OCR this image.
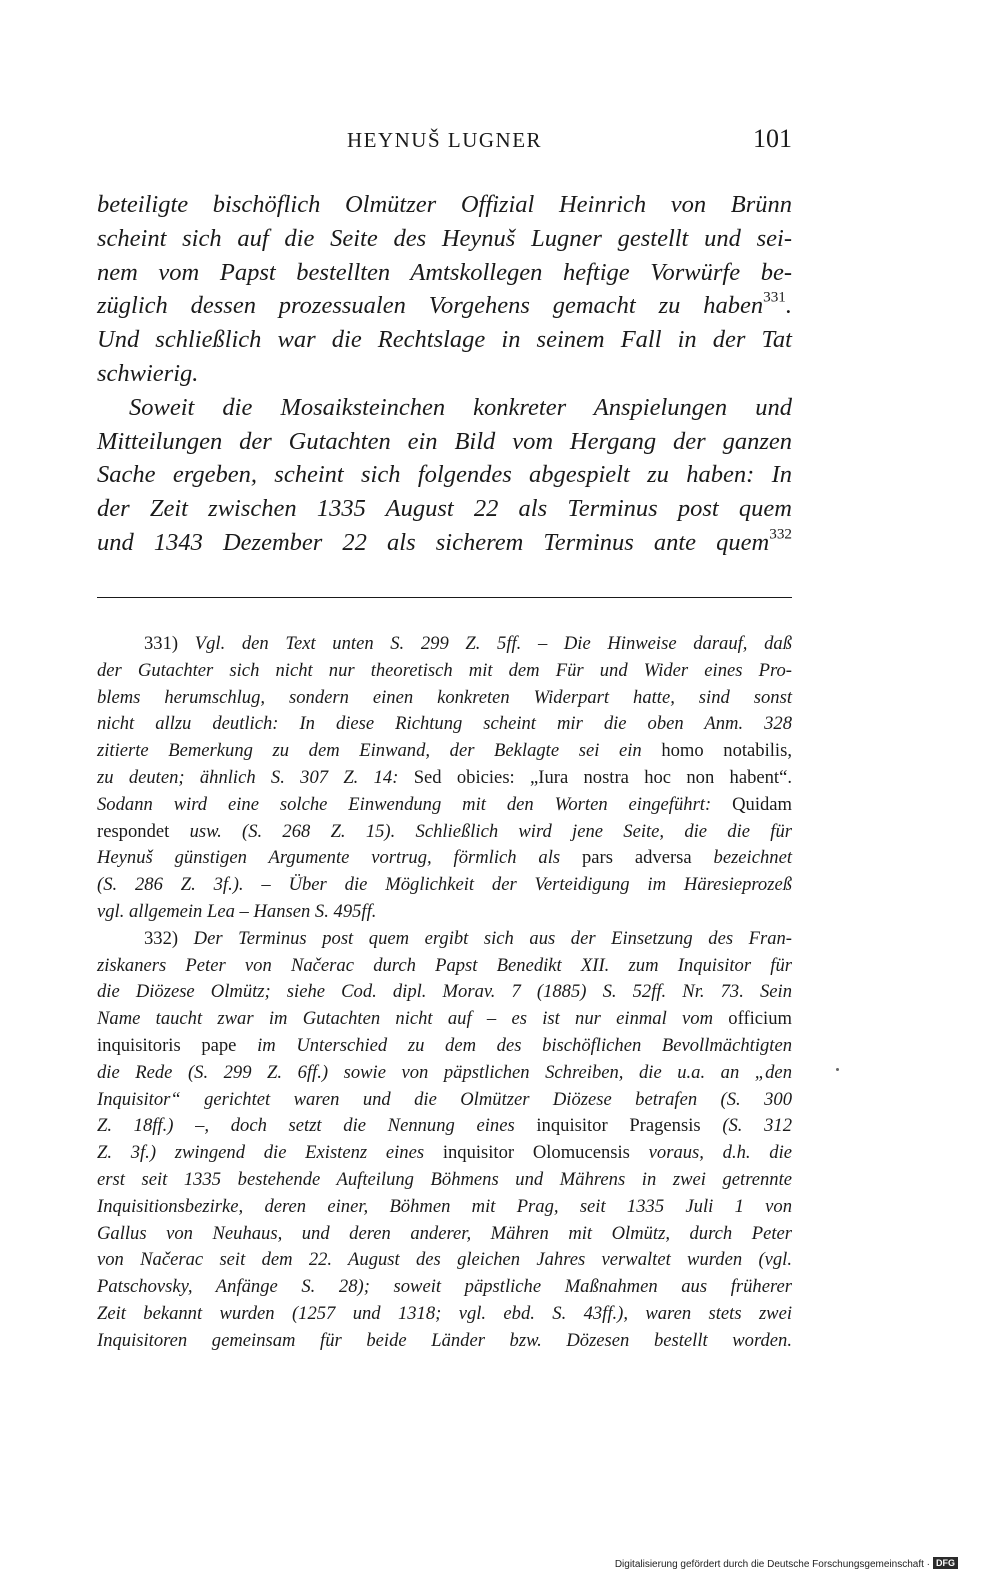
HEYNUŠ LUGNER	101
beteiligte bischöflich Olmützer Offizial Heinrich von Brünn
scheint sich auf die Seite des Heynuš Lugner gestellt und sei-
nem vom Papst bestellten Amtskollegen heftige Vorwürfe be-
züglich dessen prozessualen Vorgehens gemacht zu haben$^{331}$.
Und schließlich war die Rechtslage in seinem Fall in der Tat
schwierig.
Soweit die Mosaiksteinchen konkreter Anspielungen und
Mitteilungen der Gutachten ein Bild vom Hergang der ganzen
Sache ergeben, scheint sich folgendes abgespielt zu haben: In
der Zeit zwischen 1335 August 22 als Terminus post quem
und 1343 Dezember 22 als sicherem Terminus ante quem$^{332}$
331) Vgl. den Text unten S. 299 Z. 5ff. – Die Hinweise darauf, daß
der Gutachter sich nicht nur theoretisch mit dem Für und Wider eines Pro-
blems herumschlug, sondern einen konkreten Widerpart hatte, sind sonst
nicht allzu deutlich: In diese Richtung scheint mir die oben Anm. 328
zitierte Bemerkung zu dem Einwand, der Beklagte sei ein homo notabilis,
zu deuten; ähnlich S. 307 Z. 14: Sed obicies: „Iura nostra hoc non habent“.
Sodann wird eine solche Einwendung mit den Worten eingeführt: Quidam
respondet usw. (S. 268 Z. 15). Schließlich wird jene Seite, die die für
Heynuš günstigen Argumente vortrug, förmlich als pars adversa bezeichnet
(S. 286 Z. 3f.). – Über die Möglichkeit der Verteidigung im Häresieprozeß
vgl. allgemein Lea – Hansen S. 495ff.
332) Der Terminus post quem ergibt sich aus der Einsetzung des Fran-
ziskaners Peter von Načerac durch Papst Benedikt XII. zum Inquisitor für
die Diözese Olmütz; siehe Cod. dipl. Morav. 7 (1885) S. 52ff. Nr. 73. Sein
Name taucht zwar im Gutachten nicht auf – es ist nur einmal vom officium
inquisitoris pape im Unterschied zu dem des bischöflichen Bevollmächtigten
die Rede (S. 299 Z. 6ff.) sowie von päpstlichen Schreiben, die u.a. an „den
Inquisitor“ gerichtet waren und die Olmützer Diözese betrafen (S. 300
Z. 18ff.) –, doch setzt die Nennung eines inquisitor Pragensis (S. 312
Z. 3f.) zwingend die Existenz eines inquisitor Olomucensis voraus, d.h. die
erst seit 1335 bestehende Aufteilung Böhmens und Mährens in zwei getrennte
Inquisitionsbezirke, deren einer, Böhmen mit Prag, seit 1335 Juli 1 von
Gallus von Neuhaus, und deren anderer, Mähren mit Olmütz, durch Peter
von Načerac seit dem 22. August des gleichen Jahres verwaltet wurden (vgl.
Patschovsky, Anfänge S. 28); soweit päpstliche Maßnahmen aus früherer
Zeit bekannt wurden (1257 und 1318; vgl. ebd. S. 43ff.), waren stets zwei
Inquisitoren gemeinsam für beide Länder bzw. Dözesen bestellt worden.
Digitalisierung gefördert durch die Deutsche Forschungsgemeinschaft · DFG
